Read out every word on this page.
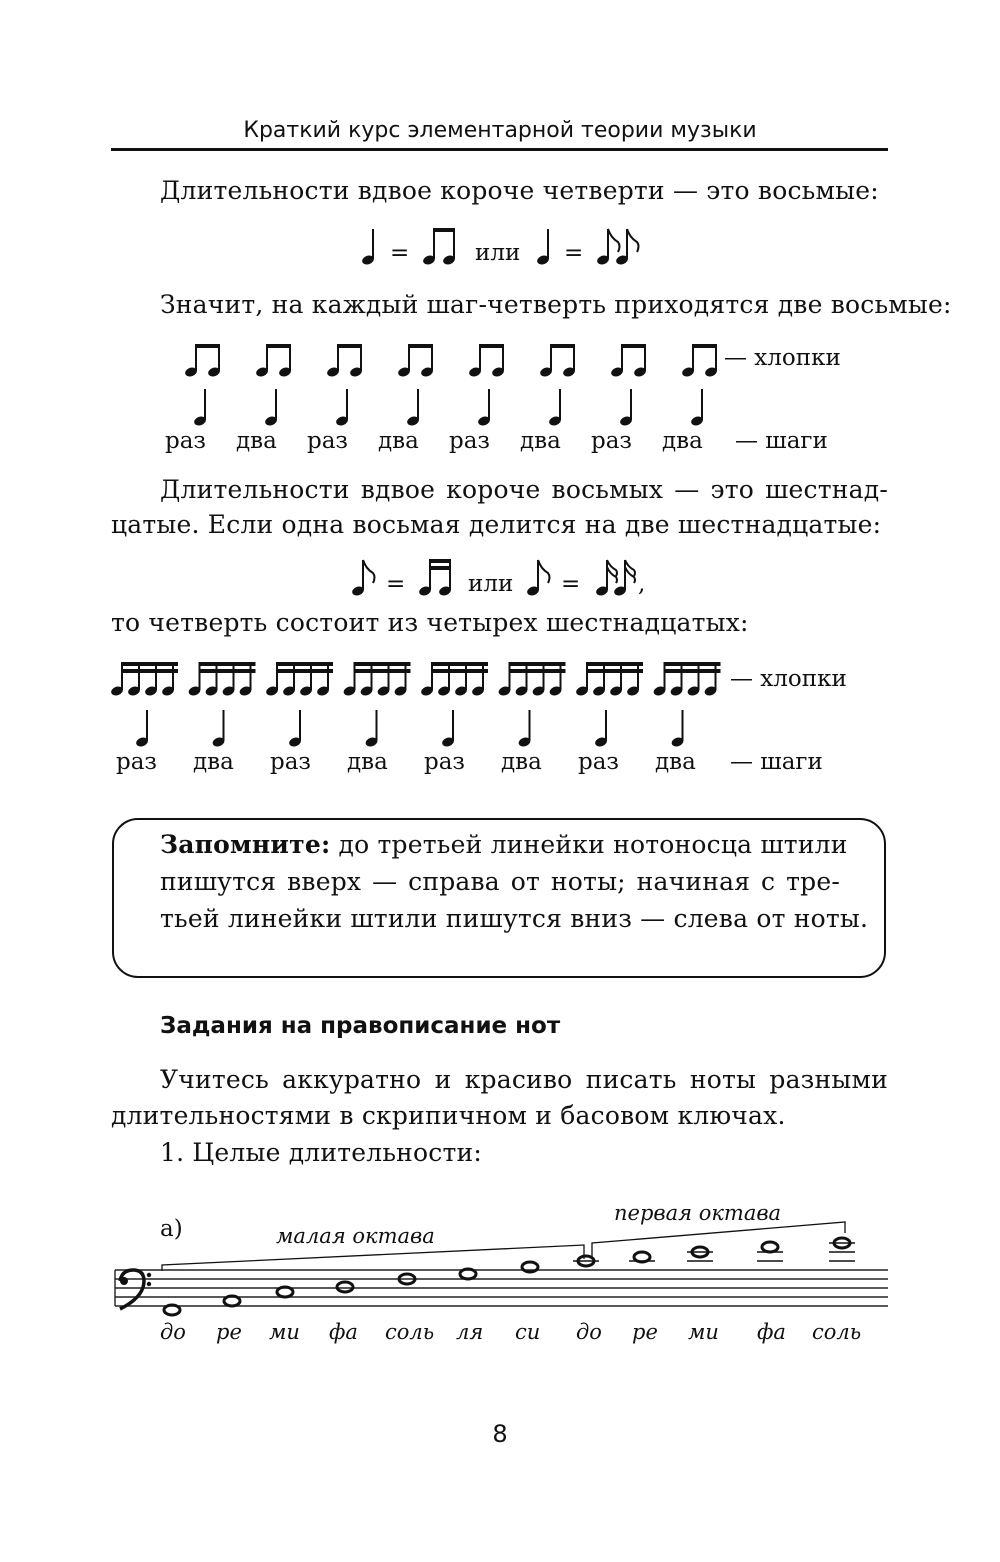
Краткий курс элементарной теории музыки
Длительности вдвое короче четверти — это восьмые:
=	или =
Значит, на каждый шаг-четверть приходятся две восьмые:
— хлопки
раз два раз два раз два раз два — шаги
Длительности вдвое короче восьмых — это шестнад-
цатые. Если одна восьмая делится на две шестнадцатые:
=	или =	,
то четверть состоит из четырех шестнадцатых:
— хлопки
раз два раз два раз два раз два — шаги
Запомните: до третьей линейки нотоносца штили
пишутся вверх — справа от ноты; начиная с тре-
тьей линейки штили пишутся вниз — слева от ноты.
Задания на правописание нот
Учитесь аккуратно и красиво писать ноты разными
длительностями в скрипичном и басовом ключах.
1. Целые длительности:
а)	малая октава
первая октава
до ре ми фа соль ля си до ре ми фа соль
8
